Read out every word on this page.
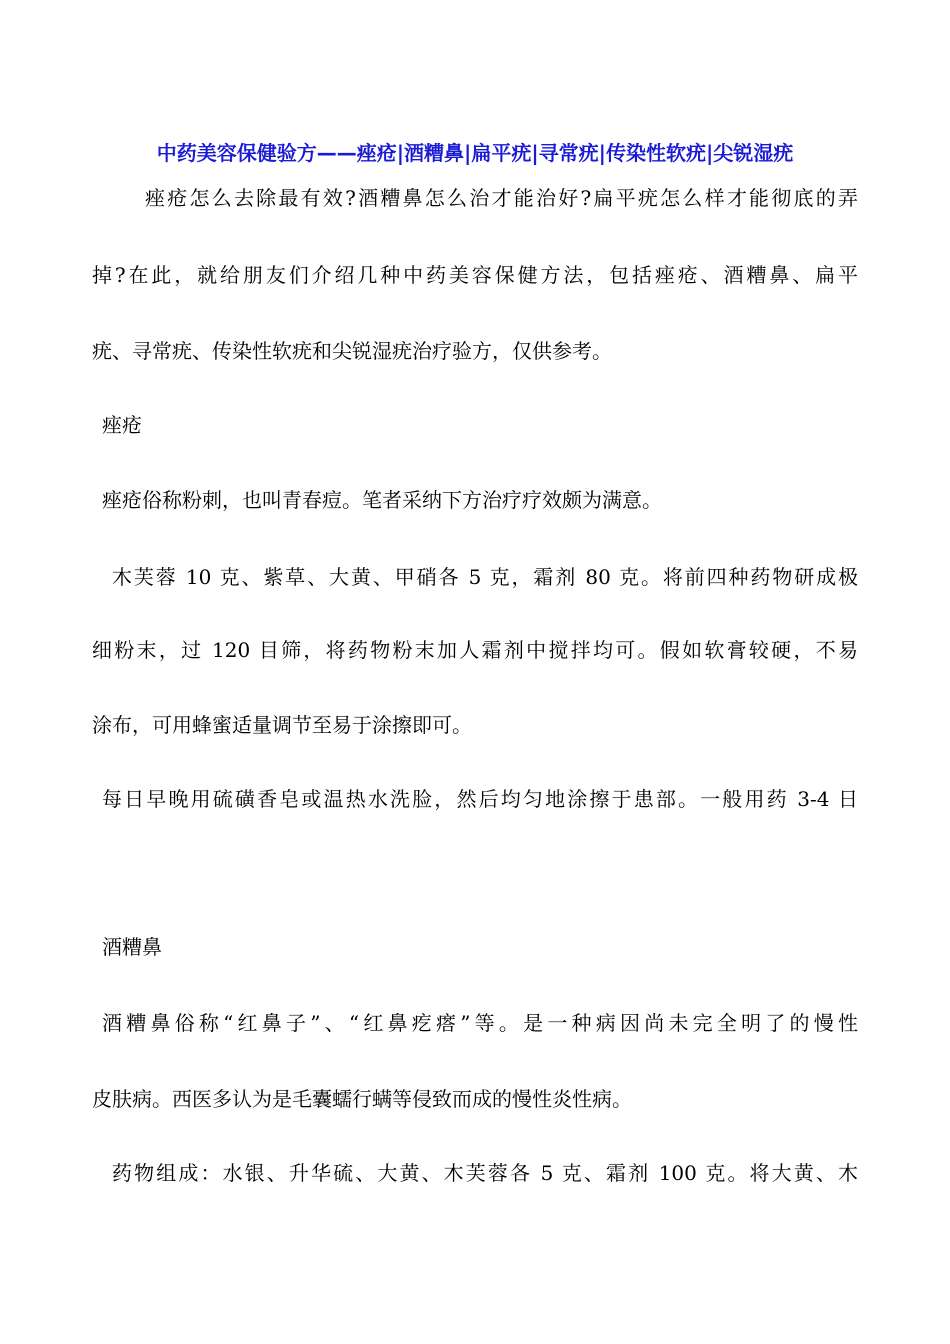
中药美容保健验方——痤疮|酒糟鼻|扁平疣|寻常疣|传染性软疣|尖锐湿疣
痤疮怎么去除最有效?酒糟鼻怎么治才能治好?扁平疣怎么样才能彻底的弄
掉?在此，就给朋友们介绍几种中药美容保健方法，包括痤疮、酒糟鼻、扁平
疣、寻常疣、传染性软疣和尖锐湿疣治疗验方，仅供参考。
痤疮
痤疮俗称粉刺，也叫青春痘。笔者采纳下方治疗疗效颇为满意。
木芙蓉 10 克、紫草、大黄、甲硝各 5 克，霜剂 80 克。将前四种药物研成极
细粉末，过 120 目筛，将药物粉末加人霜剂中搅拌均可。假如软膏较硬，不易
涂布，可用蜂蜜适量调节至易于涂擦即可。
每日早晚用硫磺香皂或温热水洗脸，然后均匀地涂擦于患部。一般用药 3-4 日
酒糟鼻
酒糟鼻俗称“红鼻子”、“红鼻疙瘩”等。是一种病因尚未完全明了的慢性
皮肤病。西医多认为是毛囊蠕行螨等侵致而成的慢性炎性病。
药物组成：水银、升华硫、大黄、木芙蓉各 5 克、霜剂 100 克。将大黄、木
